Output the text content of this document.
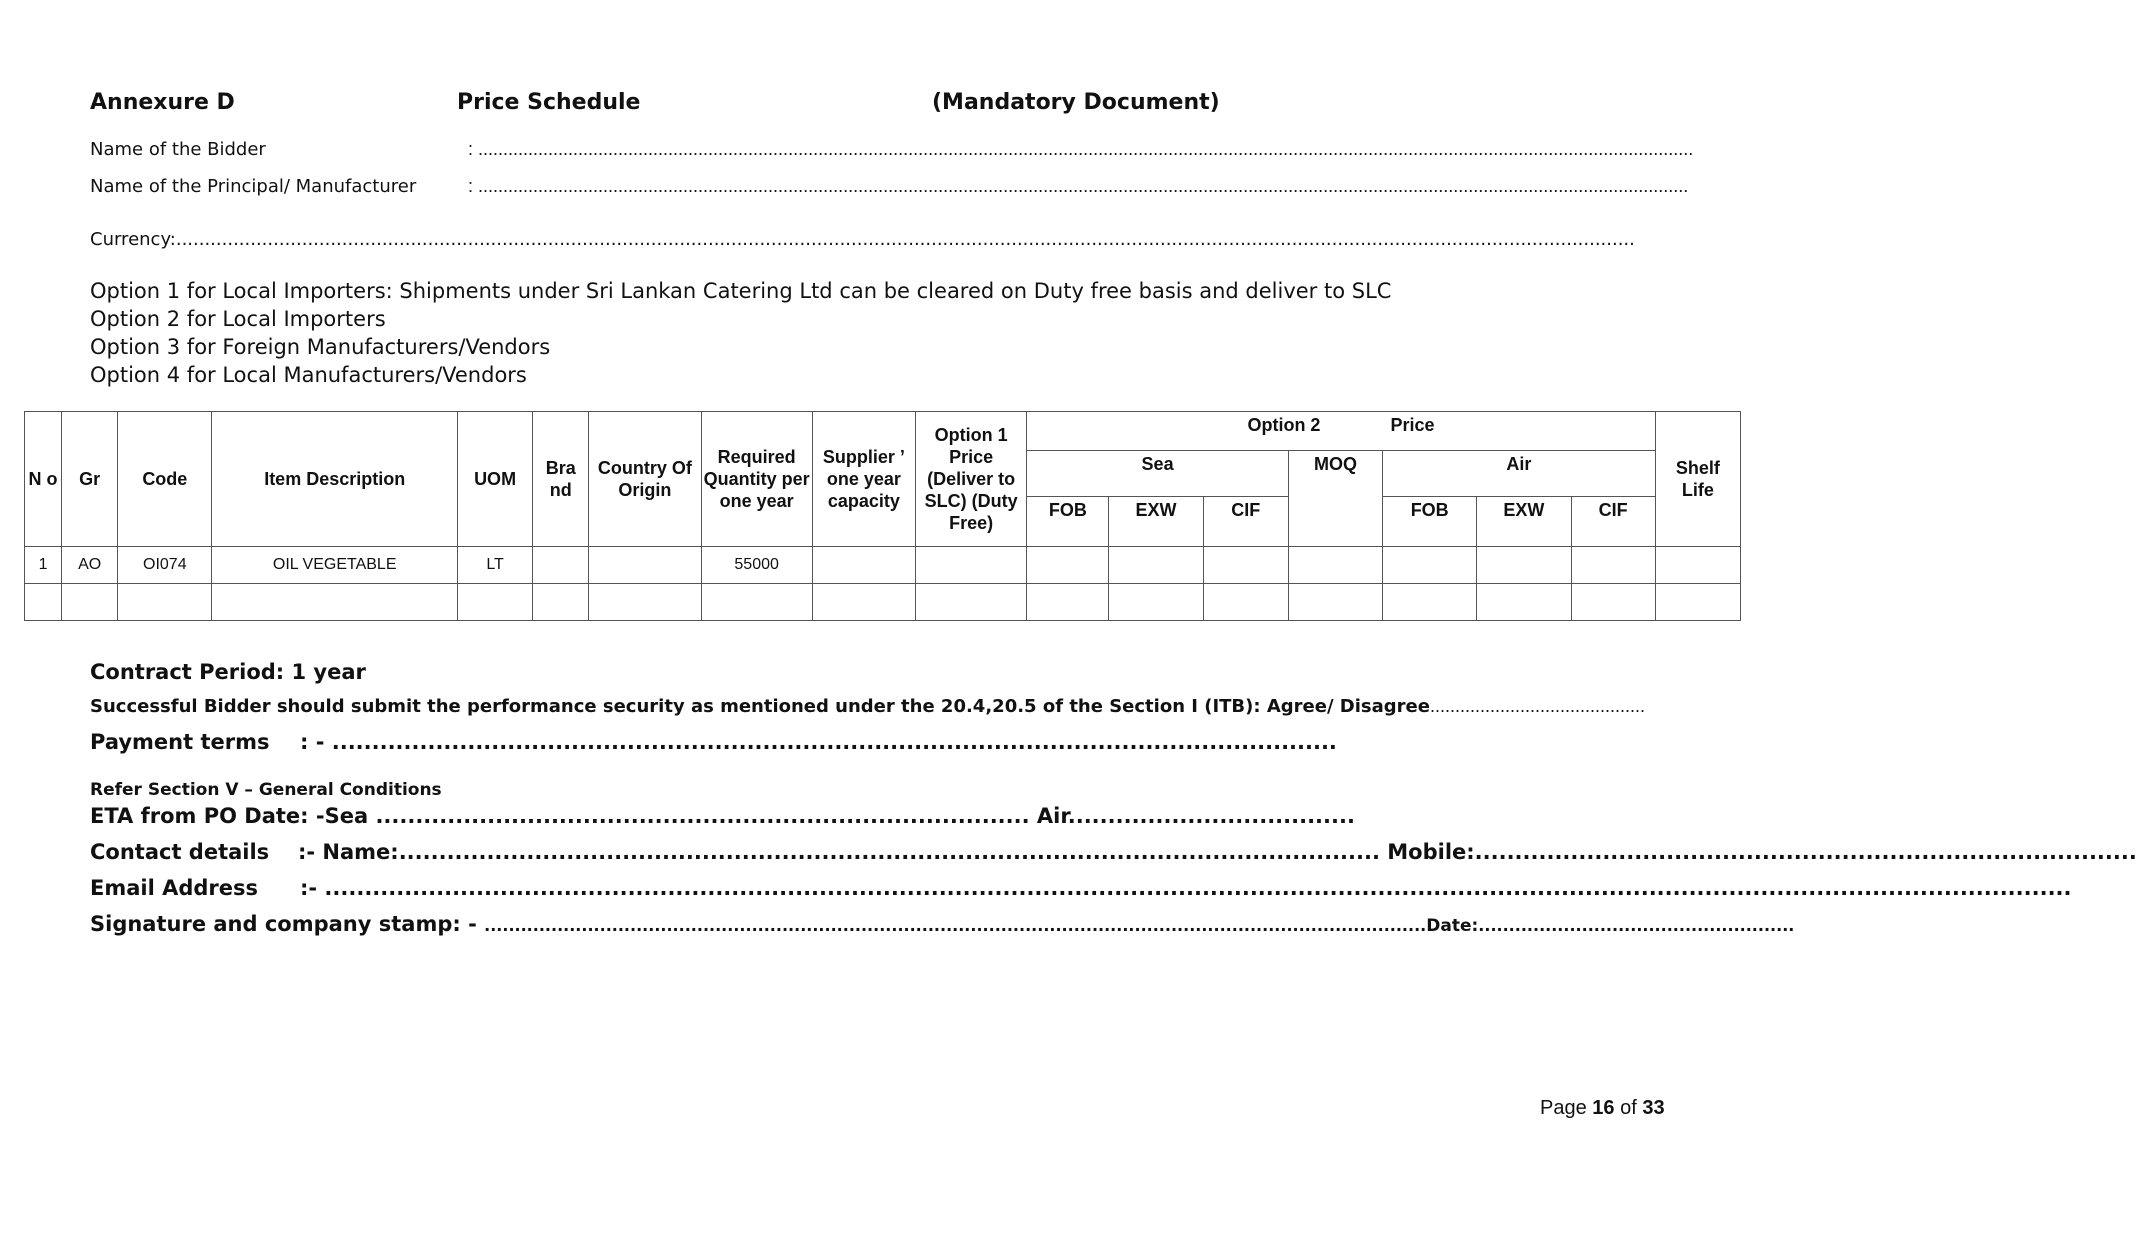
Annexure D	Price Schedule	(Mandatory Document)
Name of the Bidder	: ...................................................................................................................................................................................................................................................
Name of the Principal/ Manufacturer	: ..................................................................................................................................................................................................................................................
Currency:...............................................................................................................................................................................................................................................................
Option 1 for Local Importers: Shipments under Sri Lankan Catering Ltd can be cleared on Duty free basis and deliver to SLC
Option 2 for Local Importers
Option 3 for Foreign Manufacturers/Vendors
Option 4 for Local Manufacturers/Vendors
N o	Gr	Code	Item Description	UOM	Bra nd	Country Of Origin	Required Quantity per one year	Supplier ’ one year capacity	Option 1 Price (Deliver to SLC) (Duty Free)	Option 2 Price							Shelf Life
										Sea			MOQ	Air			
										FOB	EXW	CIF		FOB	EXW	CIF	
1	AO	OI074	OIL VEGETABLE	LT			55000										

Contract Period: 1 year
Successful Bidder should submit the performance security as mentioned under the 20.4,20.5 of the Section I (ITB): Agree/ Disagree...........................................
Payment terms : - ..............................................................................................................................
Refer Section V – General Conditions
ETA from PO Date: -Sea .................................................................................. Air....................................
Contact details :- Name:........................................................................................................................... Mobile:...................................................................................
Email Address :- ...........................................................................................................................................................................................................................
Signature and company stamp: - ...........................................................................................................................................................Date:....................................................
Page 16 of 33
